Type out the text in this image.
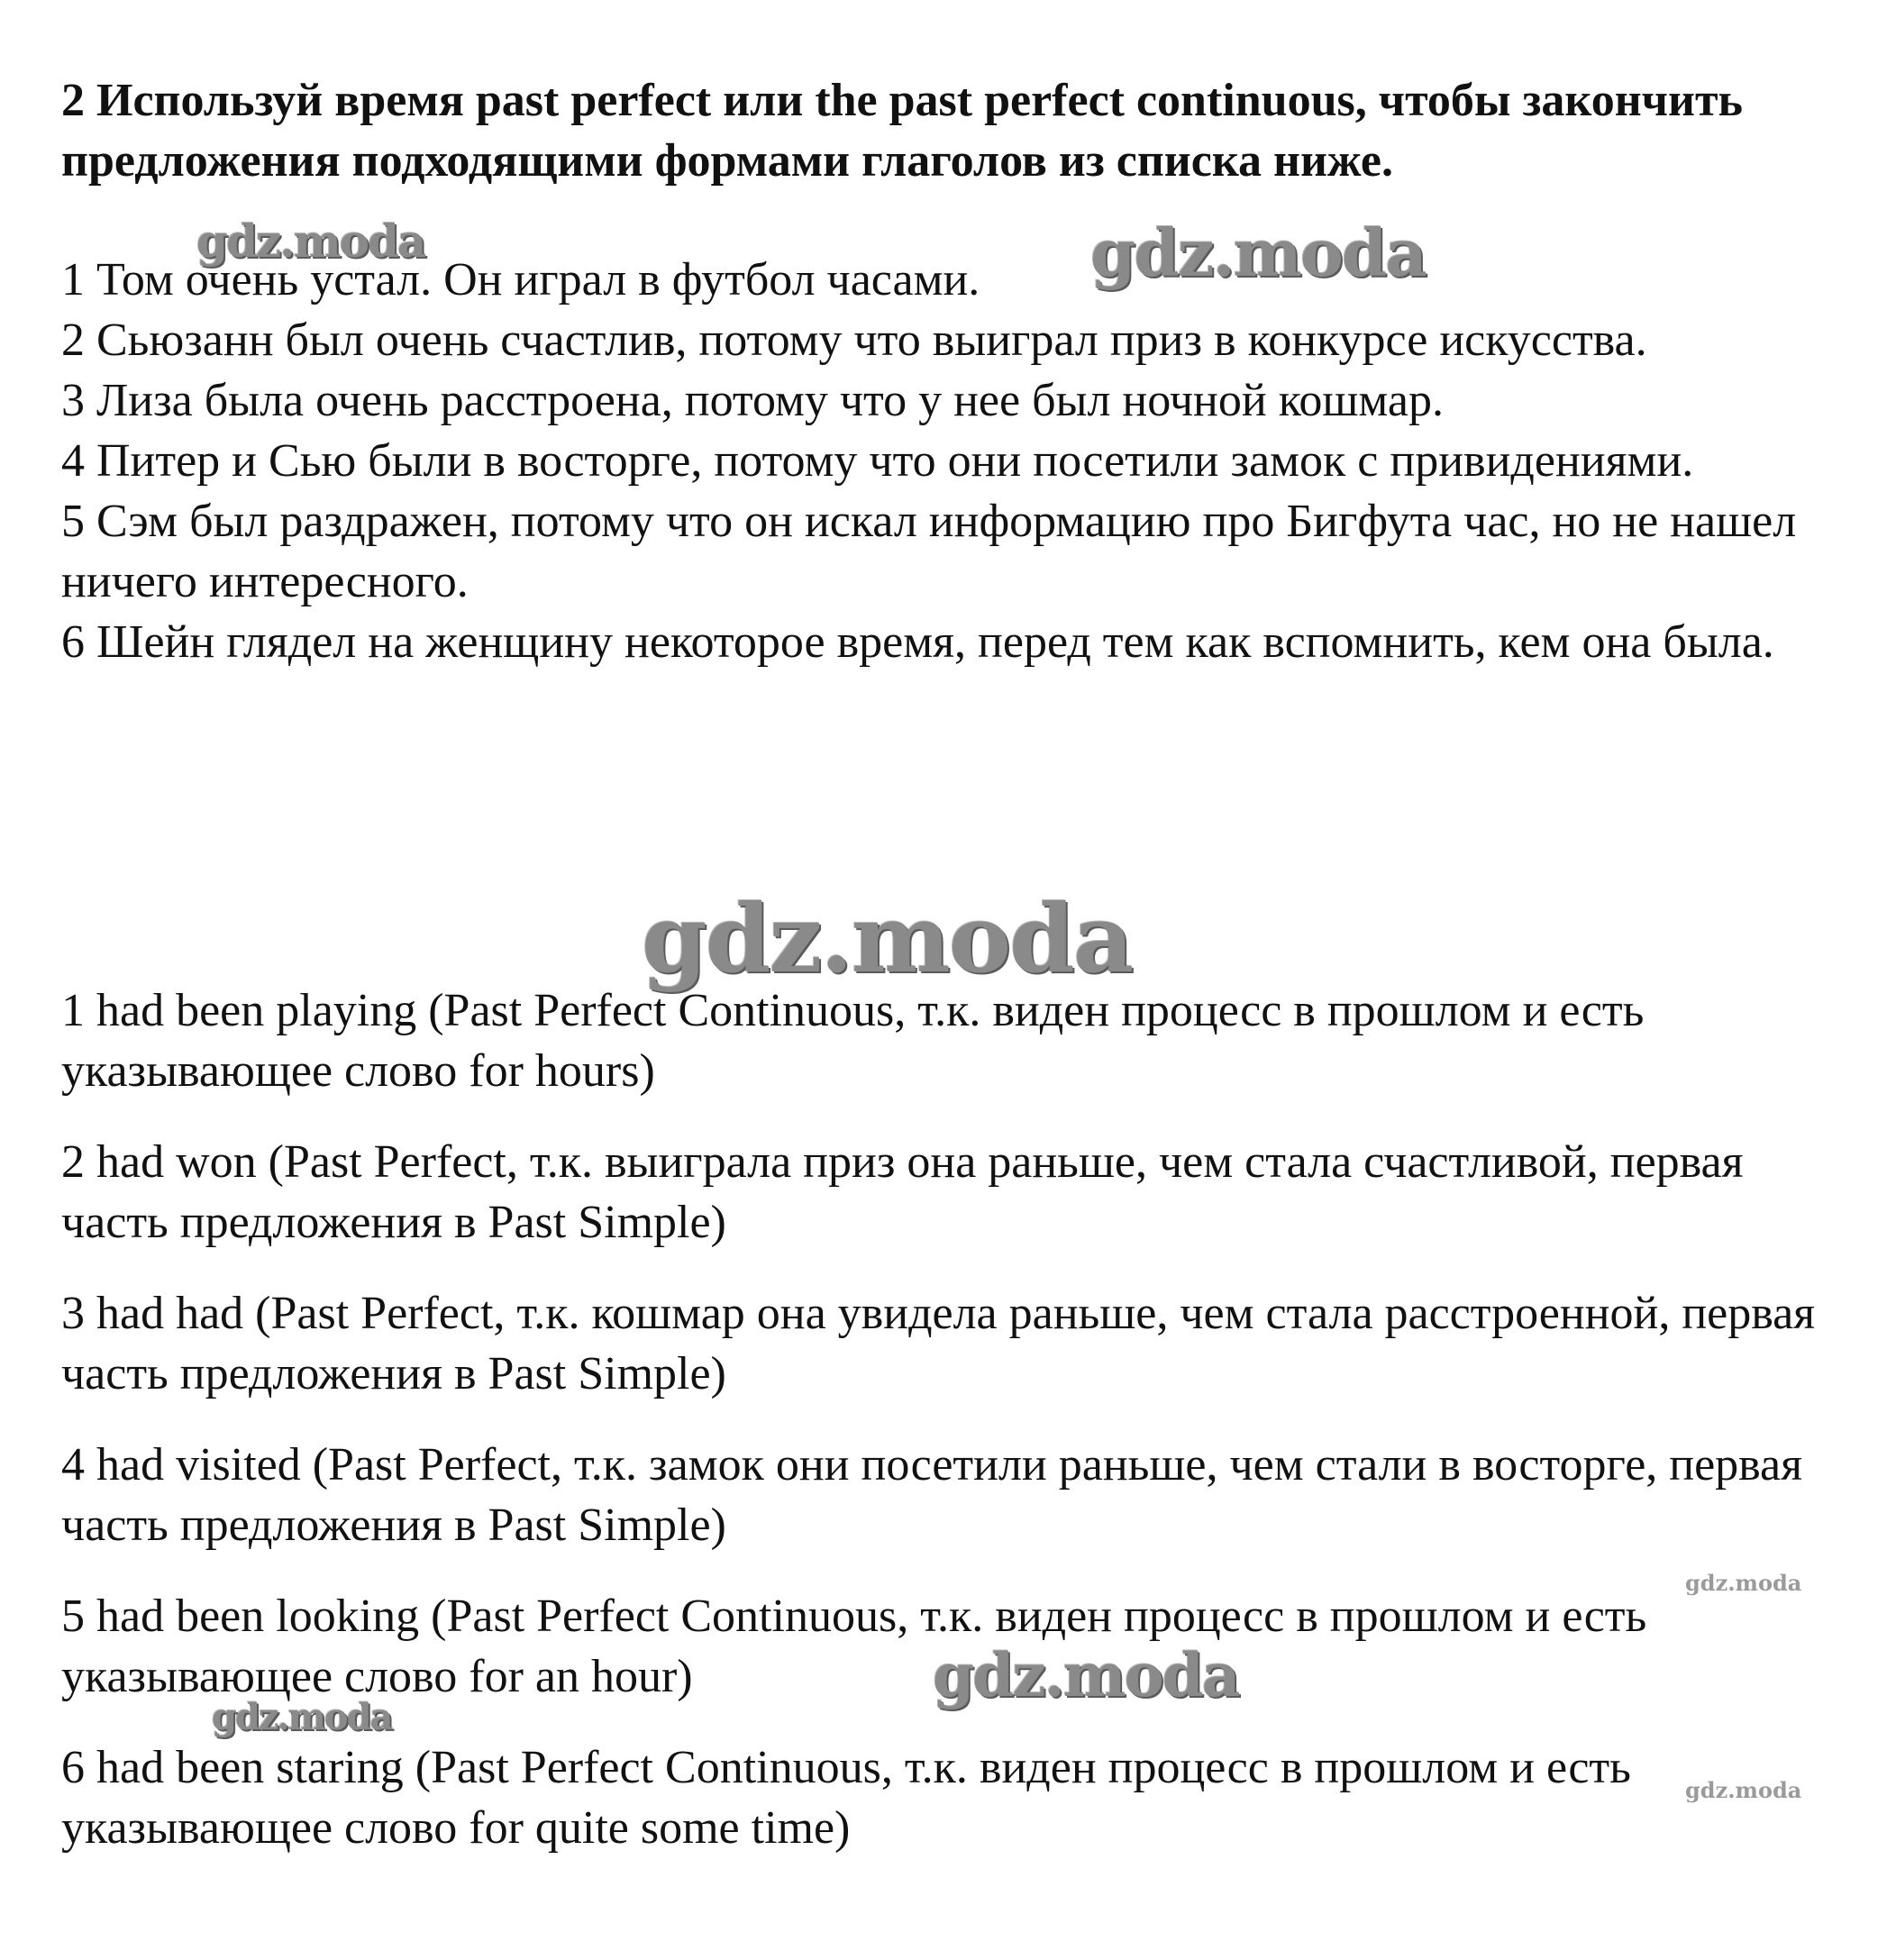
2 Используй время past perfect или the past perfect continuous, чтобы закончить предложения подходящими формами глаголов из списка ниже.

1 Том очень устал. Он играл в футбол часами.
2 Сьюзанн был очень счастлив, потому что выиграл приз в конкурсе искусства.
3 Лиза была очень расстроена, потому что у нее был ночной кошмар.
4 Питер и Сью были в восторге, потому что они посетили замок с привидениями.
5 Сэм был раздражен, потому что он искал информацию про Бигфута час, но не нашел ничего интересного.
6 Шейн глядел на женщину некоторое время, перед тем как вспомнить, кем она была.
1 had been playing (Past Perfect Continuous, т.к. виден процесс в прошлом и есть указывающее слово for hours)
2 had won (Past Perfect, т.к. выиграла приз она раньше, чем стала счастливой, первая часть предложения в Past Simple)
3 had had (Past Perfect, т.к. кошмар она увидела раньше, чем стала расстроенной, первая часть предложения в Past Simple)
4 had visited (Past Perfect, т.к. замок они посетили раньше, чем стали в восторге, первая часть предложения в Past Simple)
5 had been looking (Past Perfect Continuous, т.к. виден процесс в прошлом и есть указывающее слово for an hour)
6 had been staring (Past Perfect Continuous, т.к. виден процесс в прошлом и есть указывающее слово for quite some time)
gdz.moda	gdz.moda
gdz.moda
gdz.moda
gdz.moda
gdz.moda
gdz.moda
